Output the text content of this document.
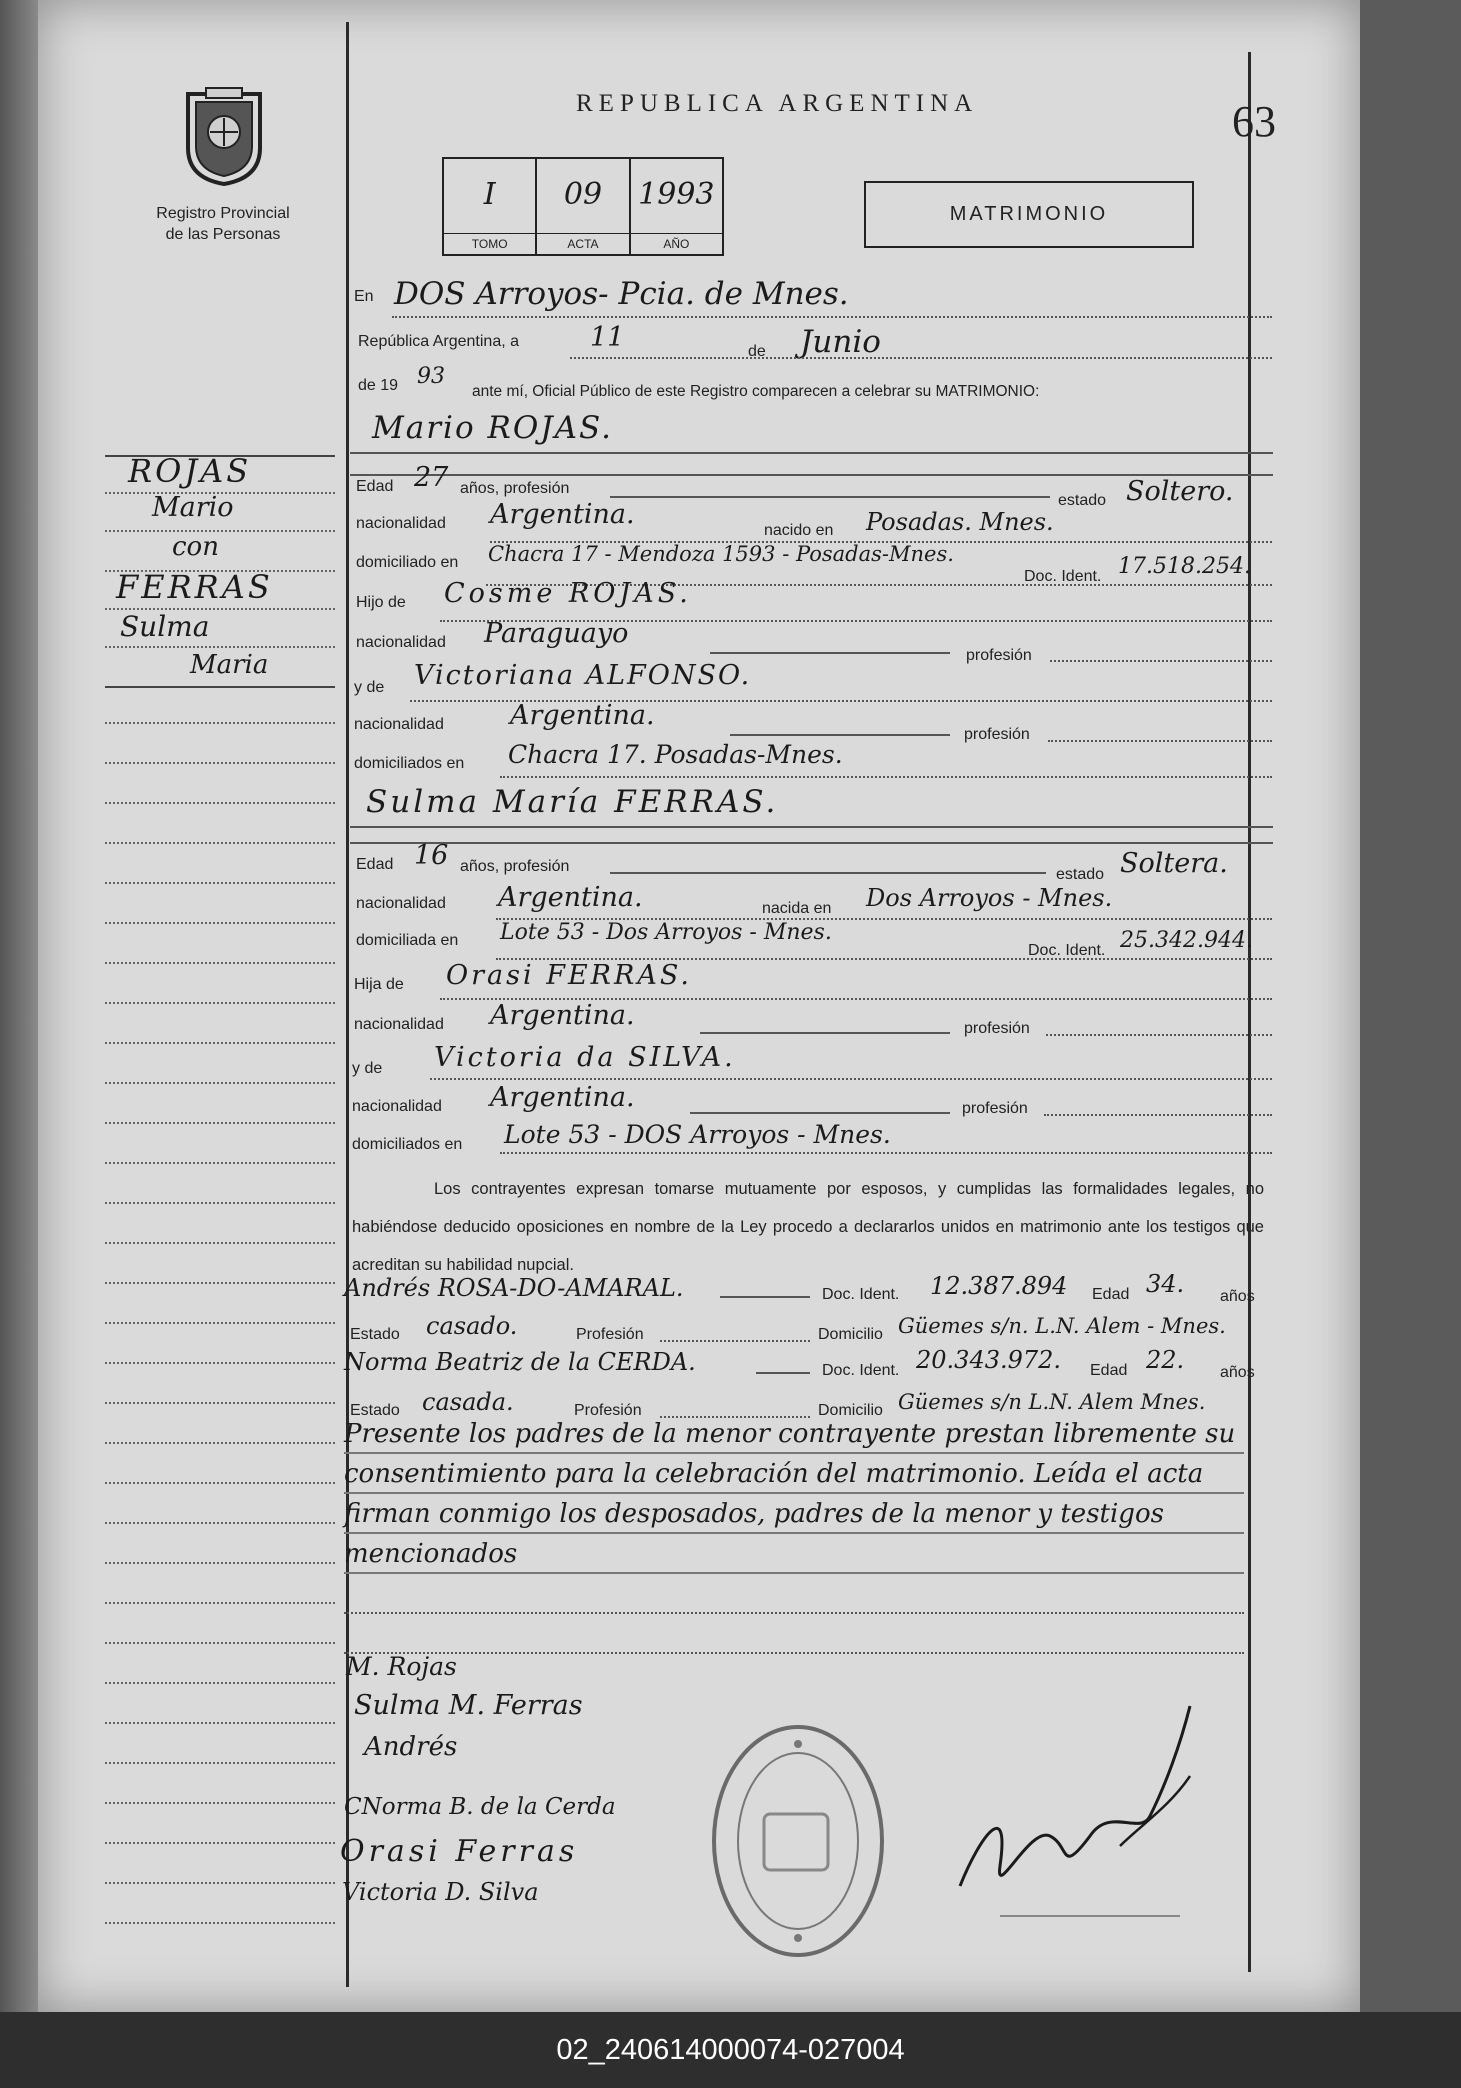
Registro Provincial
de las Personas
REPUBLICA ARGENTINA	63
I
TOMO
09
ACTA
1993
AÑO
MATRIMONIO
En DOS Arroyos- Pcia. de Mnes.
República Argentina, a	11	de Junio
de 19 93
ante mí, Oficial Público de este Registro comparecen a celebrar su MATRIMONIO:
Mario ROJAS.
Edad 27 años, profesión
estado Soltero.
nacionalidad Argentina.
nacido en Posadas. Mnes.
domiciliado en Chacra 17 - Mendoza 1593 - Posadas-Mnes.
Doc. Ident. 17.518.254.
Hijo de Cosme ROJAS.
nacionalidad Paraguayo
profesión
y de Victoriana ALFONSO.
nacionalidad Argentina.
profesión
domiciliados en Chacra 17. Posadas-Mnes.
Sulma María FERRAS.
Edad 16 años, profesión	estado Soltera.
nacionalidad Argentina.	nacida en Dos Arroyos - Mnes.
domiciliada en Lote 53 - Dos Arroyos - Mnes.
Doc. Ident. 25.342.944.
Hija de Orasi FERRAS.
nacionalidad Argentina.	profesión
y de Victoria da SILVA.
nacionalidad Argentina.	profesión
domiciliados en Lote 53 - DOS Arroyos - Mnes.
Los contrayentes expresan tomarse mutuamente por esposos, y cumplidas las formalidades legales, no habiéndose deducido oposiciones en nombre de la Ley procedo a declararlos unidos en matrimonio ante los testigos que acreditan su habilidad nupcial.
Andrés ROSA-DO-AMARAL.	Doc. Ident. 12.387.894 Edad 34. años
Estado casado.	Profesión	Domicilio Güemes s/n. L.N. Alem - Mnes.
Norma Beatriz de la CERDA.	Doc. Ident. 20.343.972. Edad 22. años
Estado casada.	Profesión	Domicilio Güemes s/n L.N. Alem Mnes.
Presente los padres de la menor contrayente prestan libremente su consentimiento para la celebración del matrimonio. Leída el acta firman conmigo los desposados, padres de la menor y testigos mencionados
ROJAS
Mario
con
FERRAS
Sulma
Maria
M. Rojas
Sulma M. Ferras
Andrés
CNorma B. de la Cerda
Orasi Ferras
Victoria D. Silva
02_240614000074-027004
